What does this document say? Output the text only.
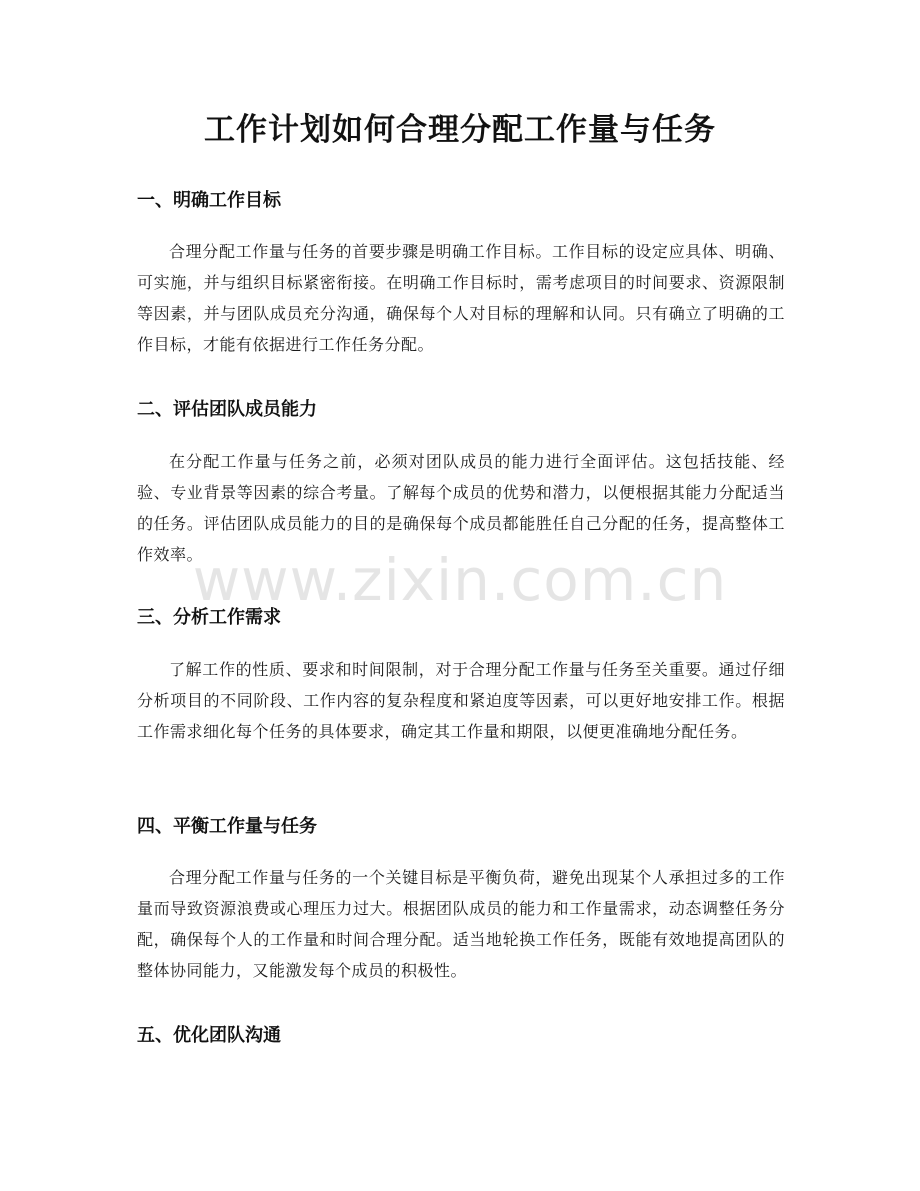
工作计划如何合理分配工作量与任务
一、明确工作目标

合理分配工作量与任务的首要步骤是明确工作目标。工作目标的设定应具体、明确、可实施，并与组织目标紧密衔接。在明确工作目标时，需考虑项目的时间要求、资源限制等因素，并与团队成员充分沟通，确保每个人对目标的理解和认同。只有确立了明确的工作目标，才能有依据进行工作任务分配。

二、评估团队成员能力

在分配工作量与任务之前，必须对团队成员的能力进行全面评估。这包括技能、经验、专业背景等因素的综合考量。了解每个成员的优势和潜力，以便根据其能力分配适当的任务。评估团队成员能力的目的是确保每个成员都能胜任自己分配的任务，提高整体工作效率。

三、分析工作需求

了解工作的性质、要求和时间限制，对于合理分配工作量与任务至关重要。通过仔细分析项目的不同阶段、工作内容的复杂程度和紧迫度等因素，可以更好地安排工作。根据工作需求细化每个任务的具体要求，确定其工作量和期限，以便更准确地分配任务。

四、平衡工作量与任务

合理分配工作量与任务的一个关键目标是平衡负荷，避免出现某个人承担过多的工作量而导致资源浪费或心理压力过大。根据团队成员的能力和工作量需求，动态调整任务分配，确保每个人的工作量和时间合理分配。适当地轮换工作任务，既能有效地提高团队的整体协同能力，又能激发每个成员的积极性。

五、优化团队沟通
www.zixin.com.cn
